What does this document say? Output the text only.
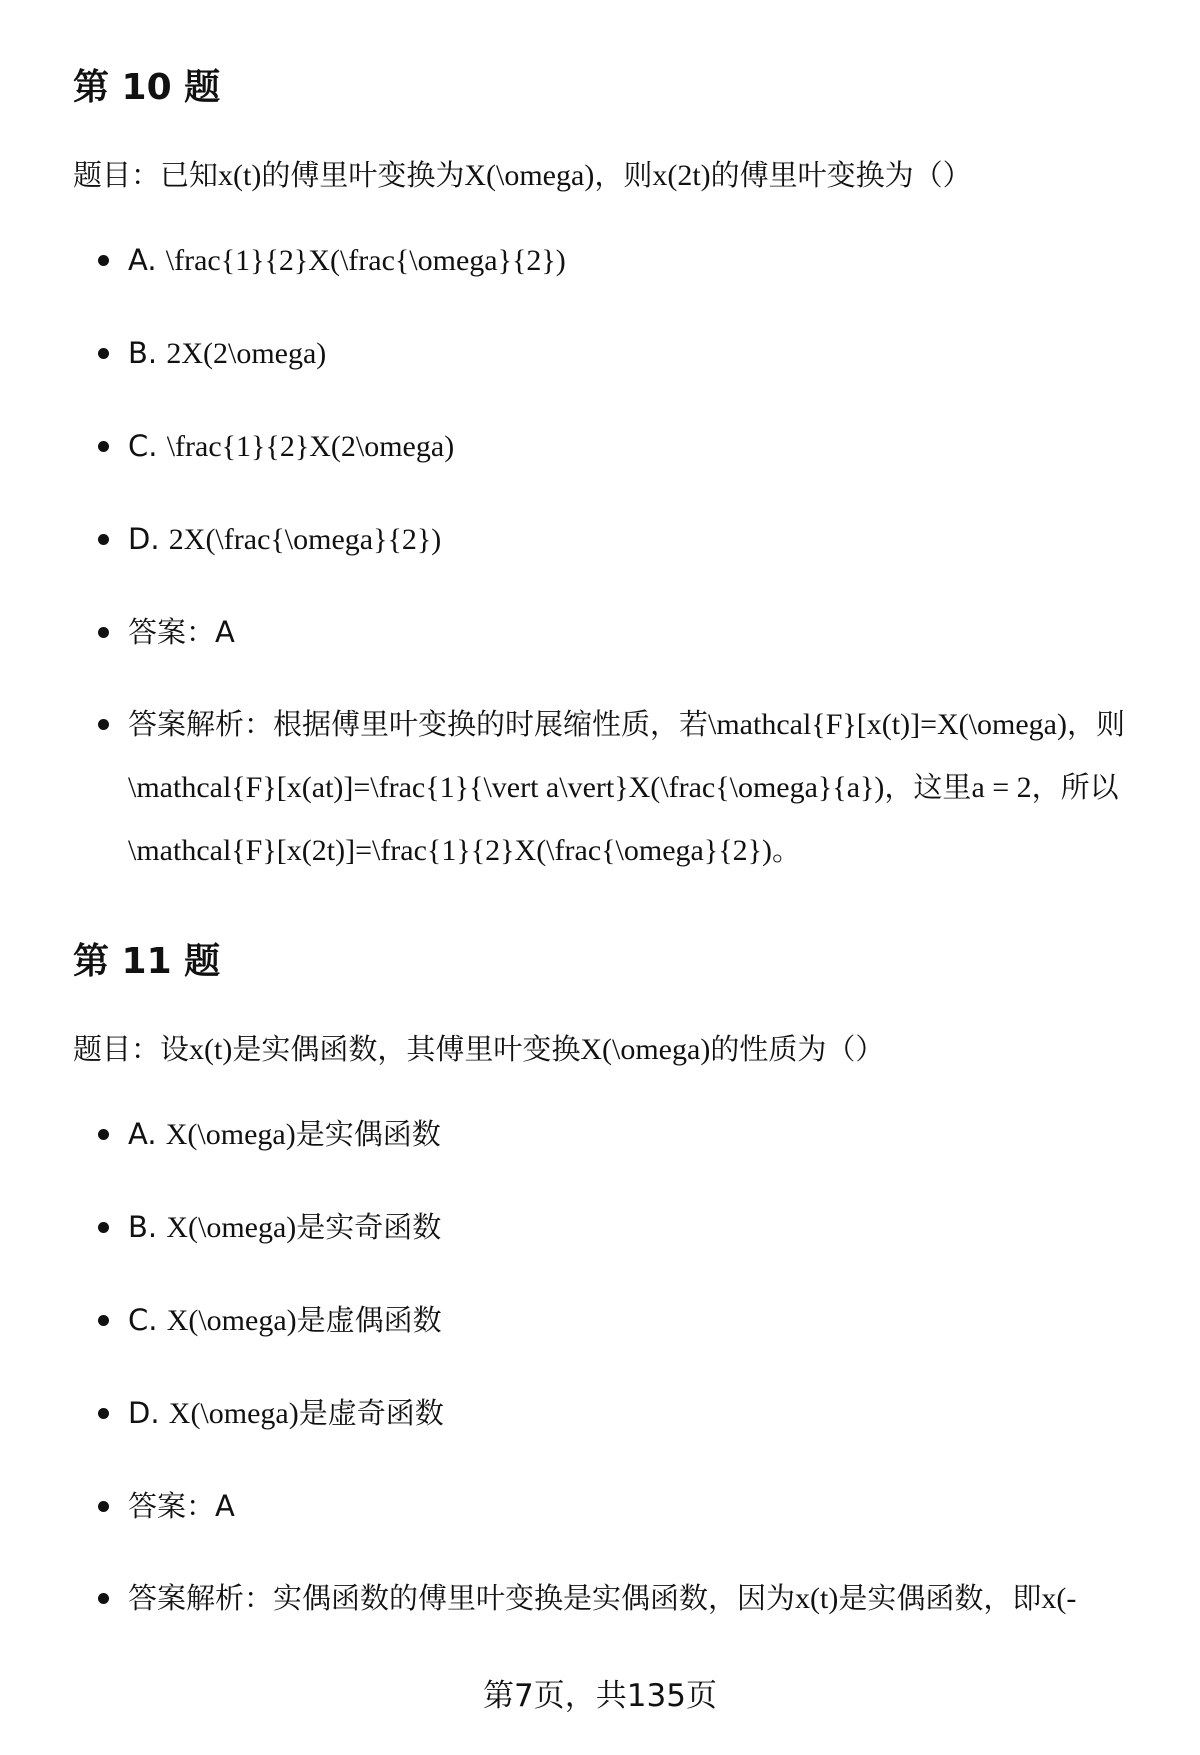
第 10 题

题目：已知x(t)的傅里叶变换为X(\omega)，则x(2t)的傅里叶变换为（）

A. \frac{1}{2}X(\frac{\omega}{2})
B. 2X(2\omega)
C. \frac{1}{2}X(2\omega)
D. 2X(\frac{\omega}{2})
答案：A
答案解析：根据傅里叶变换的时展缩性质，若\mathcal{F}[x(t)]=X(\omega)，则\mathcal{F}[x(at)]=\frac{1}{\vert a\vert}X(\frac{\omega}{a})，这里a = 2，所以\mathcal{F}[x(2t)]=\frac{1}{2}X(\frac{\omega}{2})。
第 11 题

题目：设x(t)是实偶函数，其傅里叶变换X(\omega)的性质为（）

A. X(\omega)是实偶函数
B. X(\omega)是实奇函数
C. X(\omega)是虚偶函数
D. X(\omega)是虚奇函数
答案：A
答案解析：实偶函数的傅里叶变换是实偶函数，因为x(t)是实偶函数，即x(-
第7页，共135页
